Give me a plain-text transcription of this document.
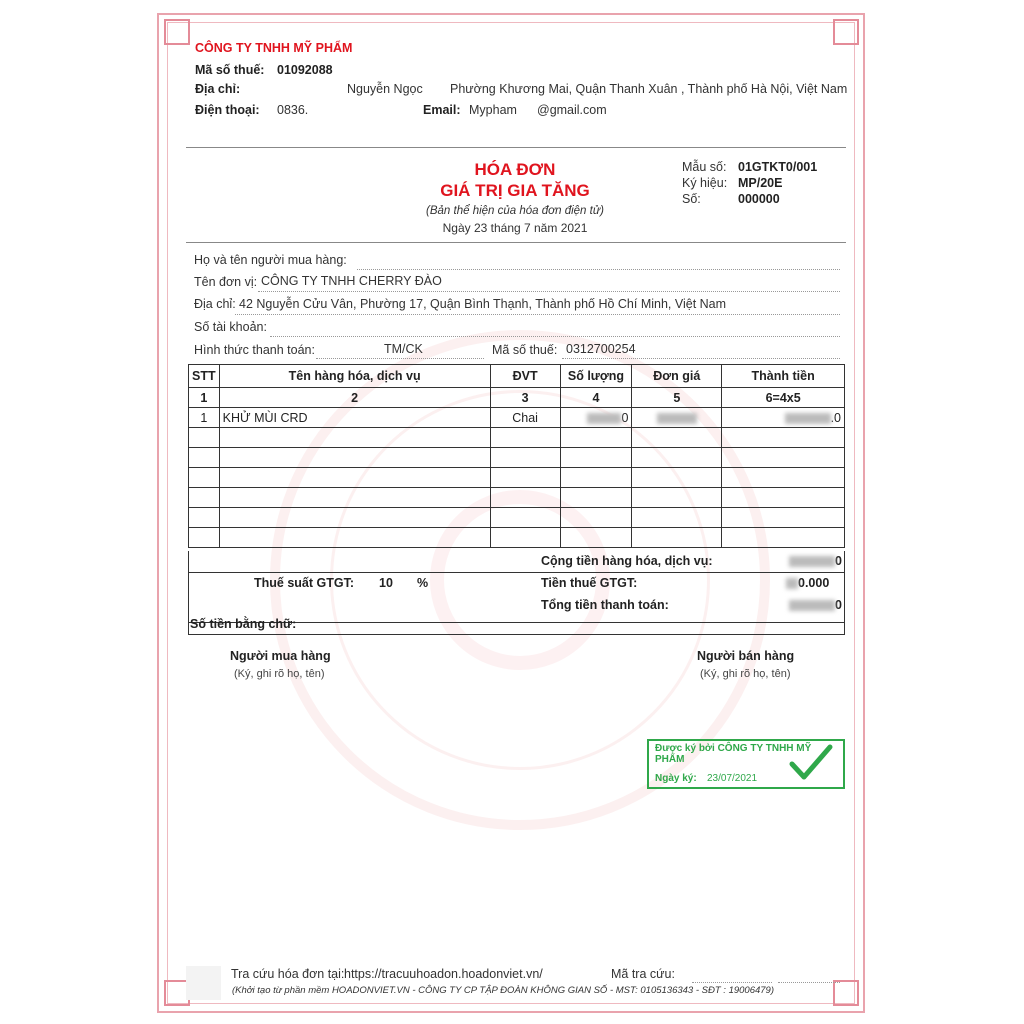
CÔNG TY TNHH MỸ PHẨM
Mã số thuế: 01092088
Địa chỉ:	Nguyễn Ngọc Phường Khương Mai, Quận Thanh Xuân , Thành phố Hà Nội, Việt Nam
Điện thoại: 0836.	Email: Mypham @gmail.com
HÓA ĐƠN
GIÁ TRỊ GIA TĂNG
(Bản thể hiện của hóa đơn điện tử)
Ngày 23 tháng 7 năm 2021
Mẫu số: 01GTKT0/001
Ký hiệu: MP/20E
Số:	000000
Họ và tên người mua hàng:
Tên đơn vị: CÔNG TY TNHH CHERRY ĐÀO
Địa chỉ: 42 Nguyễn Cửu Vân, Phường 17, Quận Bình Thạnh, Thành phố Hồ Chí Minh, Việt Nam
Số tài khoản:
Hình thức thanh toán:	TM/CK	Mã số thuế: 0312700254
STT	Tên hàng hóa, dịch vụ	ĐVT	Số lượng	Đơn giá	Thành tiền
1	2	3	4	5	6=4x5
1	KHỬ MÙI CRD	Chai	0		.0

Cộng tiền hàng hóa, dịch vụ:	0
Thuế suất GTGT: 10 %	Tiền thuế GTGT:	0.000
Tổng tiền thanh toán:	0
Số tiền bằng chữ:
Người mua hàng
(Ký, ghi rõ họ, tên)
Người bán hàng
(Ký, ghi rõ họ, tên)
Được ký bởi CÔNG TY TNHH MỸ PHẨM
Ngày ký: 23/07/2021
Tra cứu hóa đơn tại: https://tracuuhoadon.hoadonviet.vn/	Mã tra cứu:
(Khởi tạo từ phần mềm HOADONVIET.VN - CÔNG TY CP TẬP ĐOÀN KHÔNG GIAN SỐ - MST: 0105136343 - SĐT : 19006479)
